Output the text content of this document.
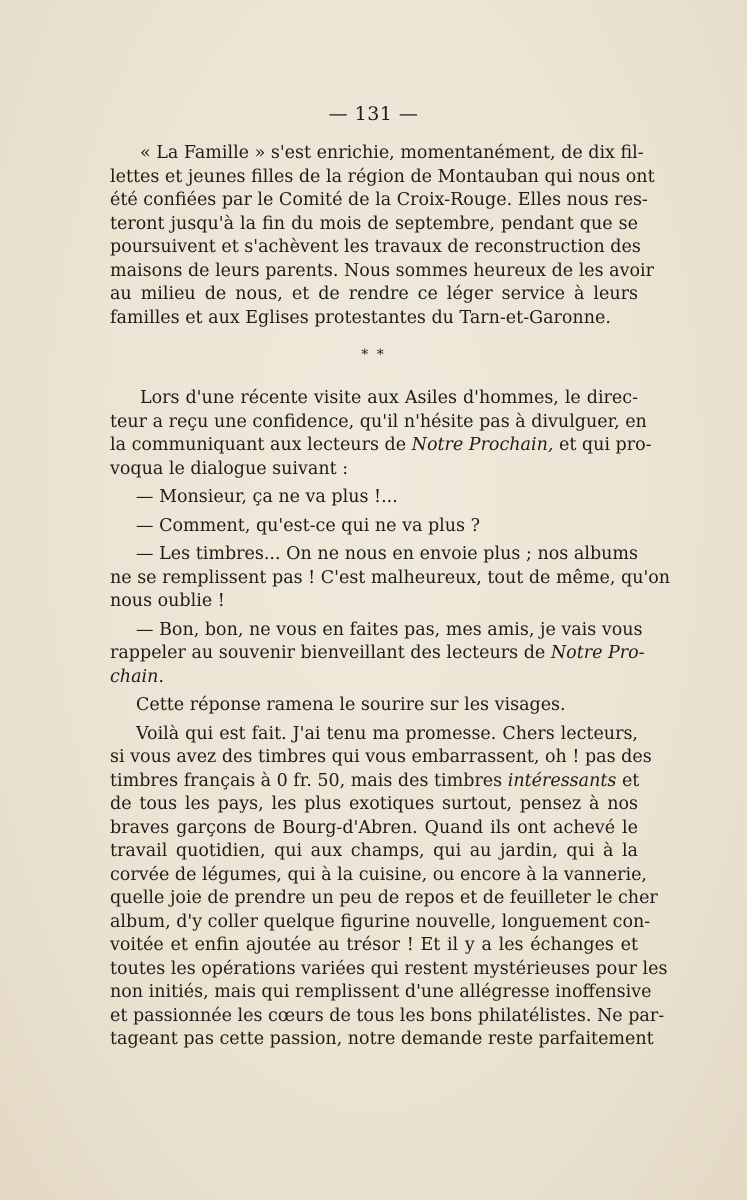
— 131 —
« La Famille » s'est enrichie, momentanément, de dix fil-
lettes et jeunes filles de la région de Montauban qui nous ont
été confiées par le Comité de la Croix-Rouge. Elles nous res-
teront jusqu'à la fin du mois de septembre, pendant que se
poursuivent et s'achèvent les travaux de reconstruction des
maisons de leurs parents. Nous sommes heureux de les avoir
au milieu de nous, et de rendre ce léger service à leurs
familles et aux Eglises protestantes du Tarn-et-Garonne.
* *
Lors d'une récente visite aux Asiles d'hommes, le direc-
teur a reçu une confidence, qu'il n'hésite pas à divulguer, en
la communiquant aux lecteurs de Notre Prochain, et qui pro-
voqua le dialogue suivant :
— Monsieur, ça ne va plus !...
— Comment, qu'est-ce qui ne va plus ?
— Les timbres... On ne nous en envoie plus ; nos albums
ne se remplissent pas ! C'est malheureux, tout de même, qu'on
nous oublie !
— Bon, bon, ne vous en faites pas, mes amis, je vais vous
rappeler au souvenir bienveillant des lecteurs de Notre Pro-
chain.
Cette réponse ramena le sourire sur les visages.
Voilà qui est fait. J'ai tenu ma promesse. Chers lecteurs,
si vous avez des timbres qui vous embarrassent, oh ! pas des
timbres français à 0 fr. 50, mais des timbres intéressants et
de tous les pays, les plus exotiques surtout, pensez à nos
braves garçons de Bourg-d'Abren. Quand ils ont achevé le
travail quotidien, qui aux champs, qui au jardin, qui à la
corvée de légumes, qui à la cuisine, ou encore à la vannerie,
quelle joie de prendre un peu de repos et de feuilleter le cher
album, d'y coller quelque figurine nouvelle, longuement con-
voitée et enfin ajoutée au trésor ! Et il y a les échanges et
toutes les opérations variées qui restent mystérieuses pour les
non initiés, mais qui remplissent d'une allégresse inoffensive
et passionnée les cœurs de tous les bons philatélistes. Ne par-
tageant pas cette passion, notre demande reste parfaitement
